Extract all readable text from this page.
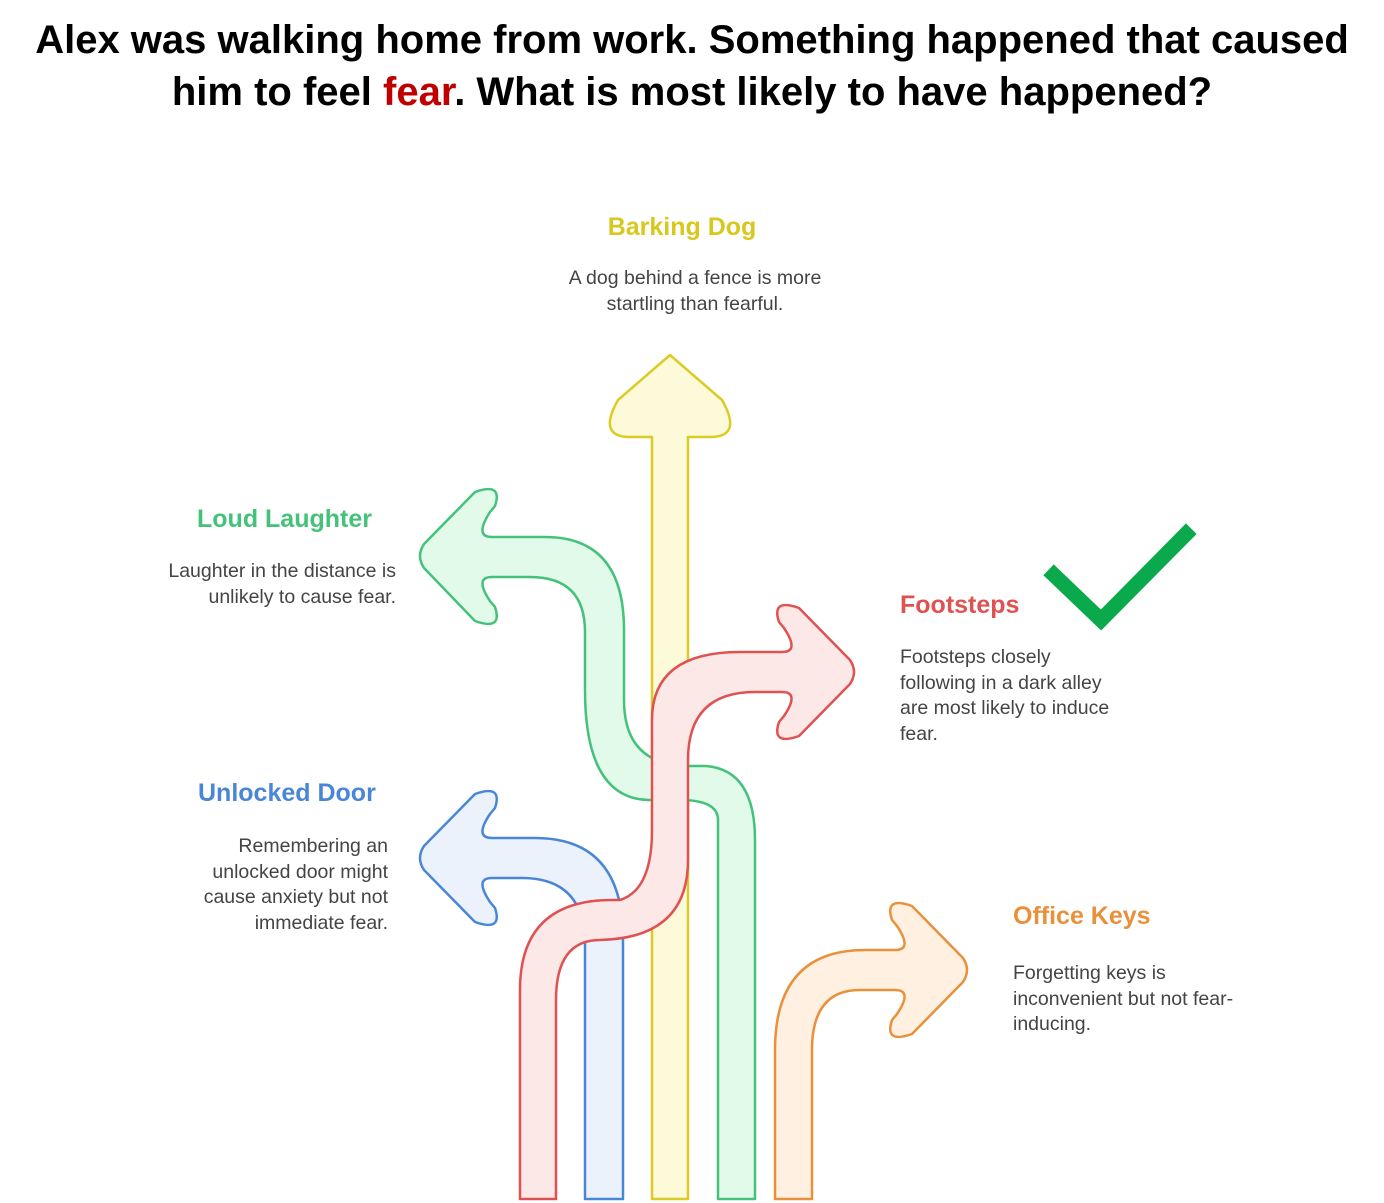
Alex was walking home from work. Something happened that caused
him to feel fear. What is most likely to have happened?
Barking Dog
A dog behind a fence is more
startling than fearful.
Loud Laughter
Laughter in the distance is
unlikely to cause fear.	Footsteps
Footsteps closely
following in a dark alley
are most likely to induce
fear.
Unlocked Door
Remembering an
unlocked door might
cause anxiety but not
immediate fear.	Office Keys
Forgetting keys is
inconvenient but not fear-
inducing.
